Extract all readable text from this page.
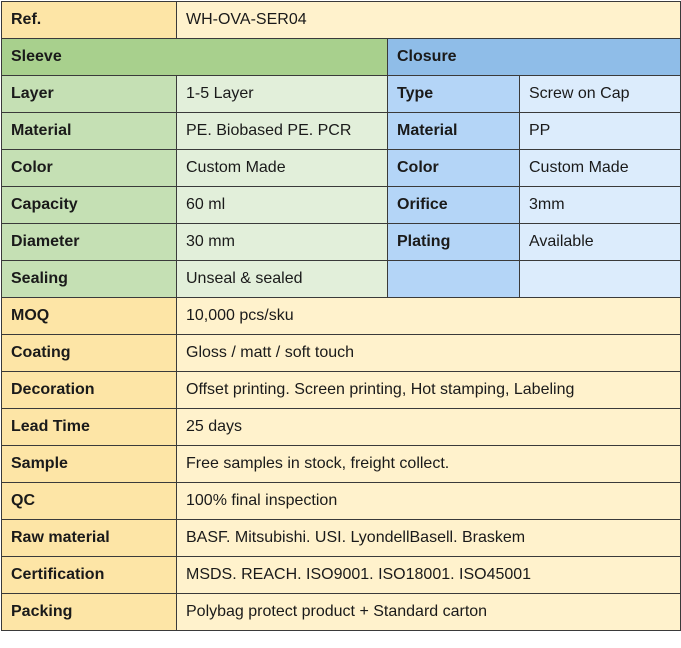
Ref.	WH-OVA-SER04		
Sleeve		Closure	
Layer	1-5 Layer	Type	Screw on Cap
Material	PE. Biobased PE. PCR	Material	PP
Color	Custom Made	Color	Custom Made
Capacity	60 ml	Orifice	3mm
Diameter	30 mm	Plating	Available
Sealing	Unseal & sealed		
MOQ	10,000 pcs/sku		
Coating	Gloss / matt / soft touch		
Decoration	Offset printing. Screen printing, Hot stamping, Labeling		
Lead Time	25 days		
Sample	Free samples in stock, freight collect.		
QC	100% final inspection		
Raw material	BASF. Mitsubishi. USI. LyondellBasell. Braskem		
Certification	MSDS. REACH. ISO9001. ISO18001. ISO45001		
Packing	Polybag protect product + Standard carton		
